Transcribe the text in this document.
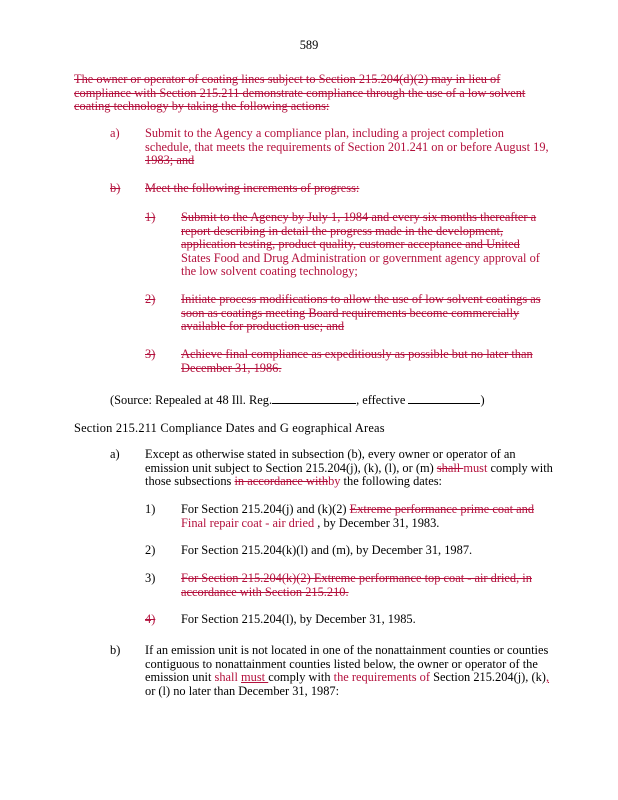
589
The owner or operator of coating lines subject to Section 215.204(d)(2) may in lieu of
compliance with Section 215.211 demonstrate compliance through the use of a low solvent
coating technology by taking the following actions:
a) Submit to the Agency a compliance plan, including a project completion
schedule, that meets the requirements of Section 201.241 on or before August 19,
1983; and
b) Meet the following increments of progress:
1) Submit to the Agency by July 1, 1984 and every six months thereafter a
report describing in detail the progress made in the development,
application testing, product quality, customer acceptance and United
States Food and Drug Administration or government agency approval of
the low solvent coating technology;
2) Initiate process modifications to allow the use of low solvent coatings as
soon as coatings meeting Board requirements become commercially
available for production use; and
3) Achieve final compliance as expeditiously as possible but no later than
December 31, 1986.
a) Except as otherwise stated in subsection (b), every owner or operator of an
emission unit subject to Section 215.204(j), (k), (l), or (m) shall must comply with
those subsections in accordance withby the following dates:
1) For Section 215.204(j) and (k)(2) Extreme performance prime coat and
Final repair coat - air dried , by December 31, 1983.
2) For Section 215.204(k)(l) and (m), by December 31, 1987.
3) For Section 215.204(k)(2) Extreme performance top coat - air dried, in
accordance with Section 215.210.
4) For Section 215.204(l), by December 31, 1985.
b) If an emission unit is not located in one of the nonattainment counties or counties
contiguous to nonattainment counties listed below, the owner or operator of the
emission unit shall must comply with the requirements of Section 215.204(j), (k),
or (l) no later than December 31, 1987:
(Source: Repealed at 48 Ill. Reg.	, effective	)
Section 215.211 Compliance Dates and G eographical Areas
